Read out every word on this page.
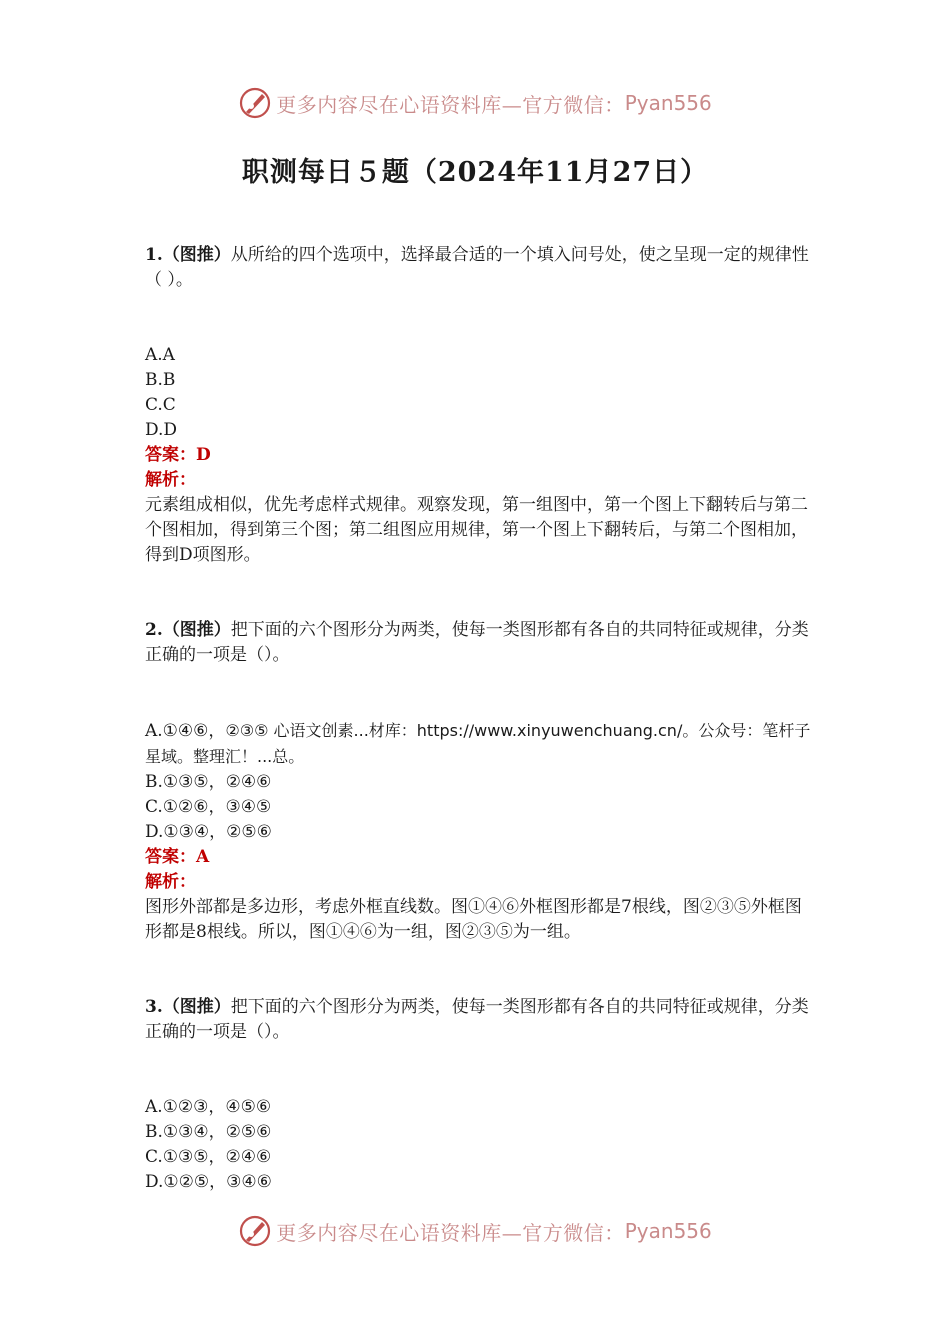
更多内容尽在心语资料库—官方微信： Pyan556
职测每日５题（2024年11月27日）

1.（图推）从所给的四个选项中，选择最合适的一个填入问号处，使之呈现一定的规律性（ ）。

A.A

B.B

C.C

D.D

答案：D

解析：

元素组成相似，优先考虑样式规律。观察发现，第一组图中，第一个图上下翻转后与第二个图相加，得到第三个图；第二组图应用规律，第一个图上下翻转后，与第二个图相加，得到D项图形。

2.（图推）把下面的六个图形分为两类，使每一类图形都有各自的共同特征或规律，分类正确的一项是（）。

A.①④⑥，②③⑤ 心语文创素...材库：https://www.xinyuwenchuang.cn/。公众号：笔杆子星域。整理汇！...总。

B.①③⑤，②④⑥

C.①②⑥，③④⑤

D.①③④，②⑤⑥

答案：A

解析：

图形外部都是多边形，考虑外框直线数。图①④⑥外框图形都是7根线，图②③⑤外框图形都是8根线。所以，图①④⑥为一组，图②③⑤为一组。

3.（图推）把下面的六个图形分为两类，使每一类图形都有各自的共同特征或规律，分类正确的一项是（）。

A.①②③，④⑤⑥

B.①③④，②⑤⑥

C.①③⑤，②④⑥

D.①②⑤，③④⑥

更多内容尽在心语资料库—官方微信： Pyan556
